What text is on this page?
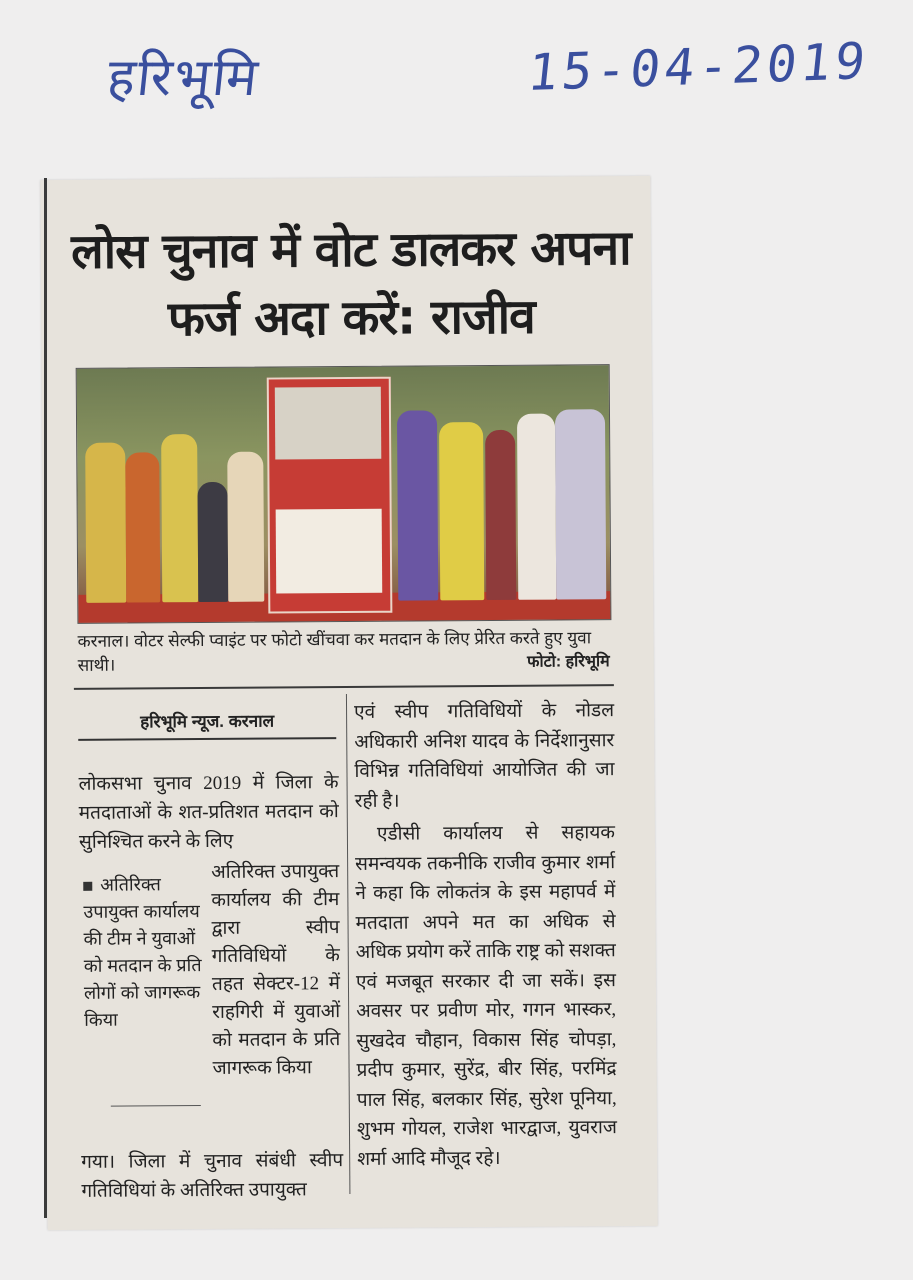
हरिभूमि	15-04-2019
लोस चुनाव में वोट डालकर अपना फर्ज अदा करें: राजीव
करनाल। वोटर सेल्फी प्वाइंट पर फोटो खींचवा कर मतदान के लिए प्रेरित करते हुए युवा साथी।	फोटो: हरिभूमि
हरिभूमि न्यूज. करनाल
लोकसभा चुनाव 2019 में जिला के मतदाताओं के शत-प्रतिशत मतदान को सुनिश्चित करने के लिए
अतिरिक्त उपायुक्त कार्यालय की टीम ने युवाओं को मतदान के प्रति लोगों को जागरूक किया
अतिरिक्त उपायुक्त कार्यालय की टीम द्वारा स्वीप गतिविधियों के तहत सेक्टर-12 में राहगिरी में युवाओं को मतदान के प्रति जागरूक किया
गया। जिला में चुनाव संबंधी स्वीप गतिविधियां के अतिरिक्त उपायुक्त

एवं स्वीप गतिविधियों के नोडल अधिकारी अनिश यादव के निर्देशानुसार विभिन्न गतिविधियां आयोजित की जा रही है।

एडीसी कार्यालय से सहायक समन्वयक तकनीकि राजीव कुमार शर्मा ने कहा कि लोकतंत्र के इस महापर्व में मतदाता अपने मत का अधिक से अधिक प्रयोग करें ताकि राष्ट्र को सशक्त एवं मजबूत सरकार दी जा सकें। इस अवसर पर प्रवीण मोर, गगन भास्कर, सुखदेव चौहान, विकास सिंह चोपड़ा, प्रदीप कुमार, सुरेंद्र, बीर सिंह, परमिंद्र पाल सिंह, बलकार सिंह, सुरेश पूनिया, शुभम गोयल, राजेश भारद्वाज, युवराज शर्मा आदि मौजूद रहे।
